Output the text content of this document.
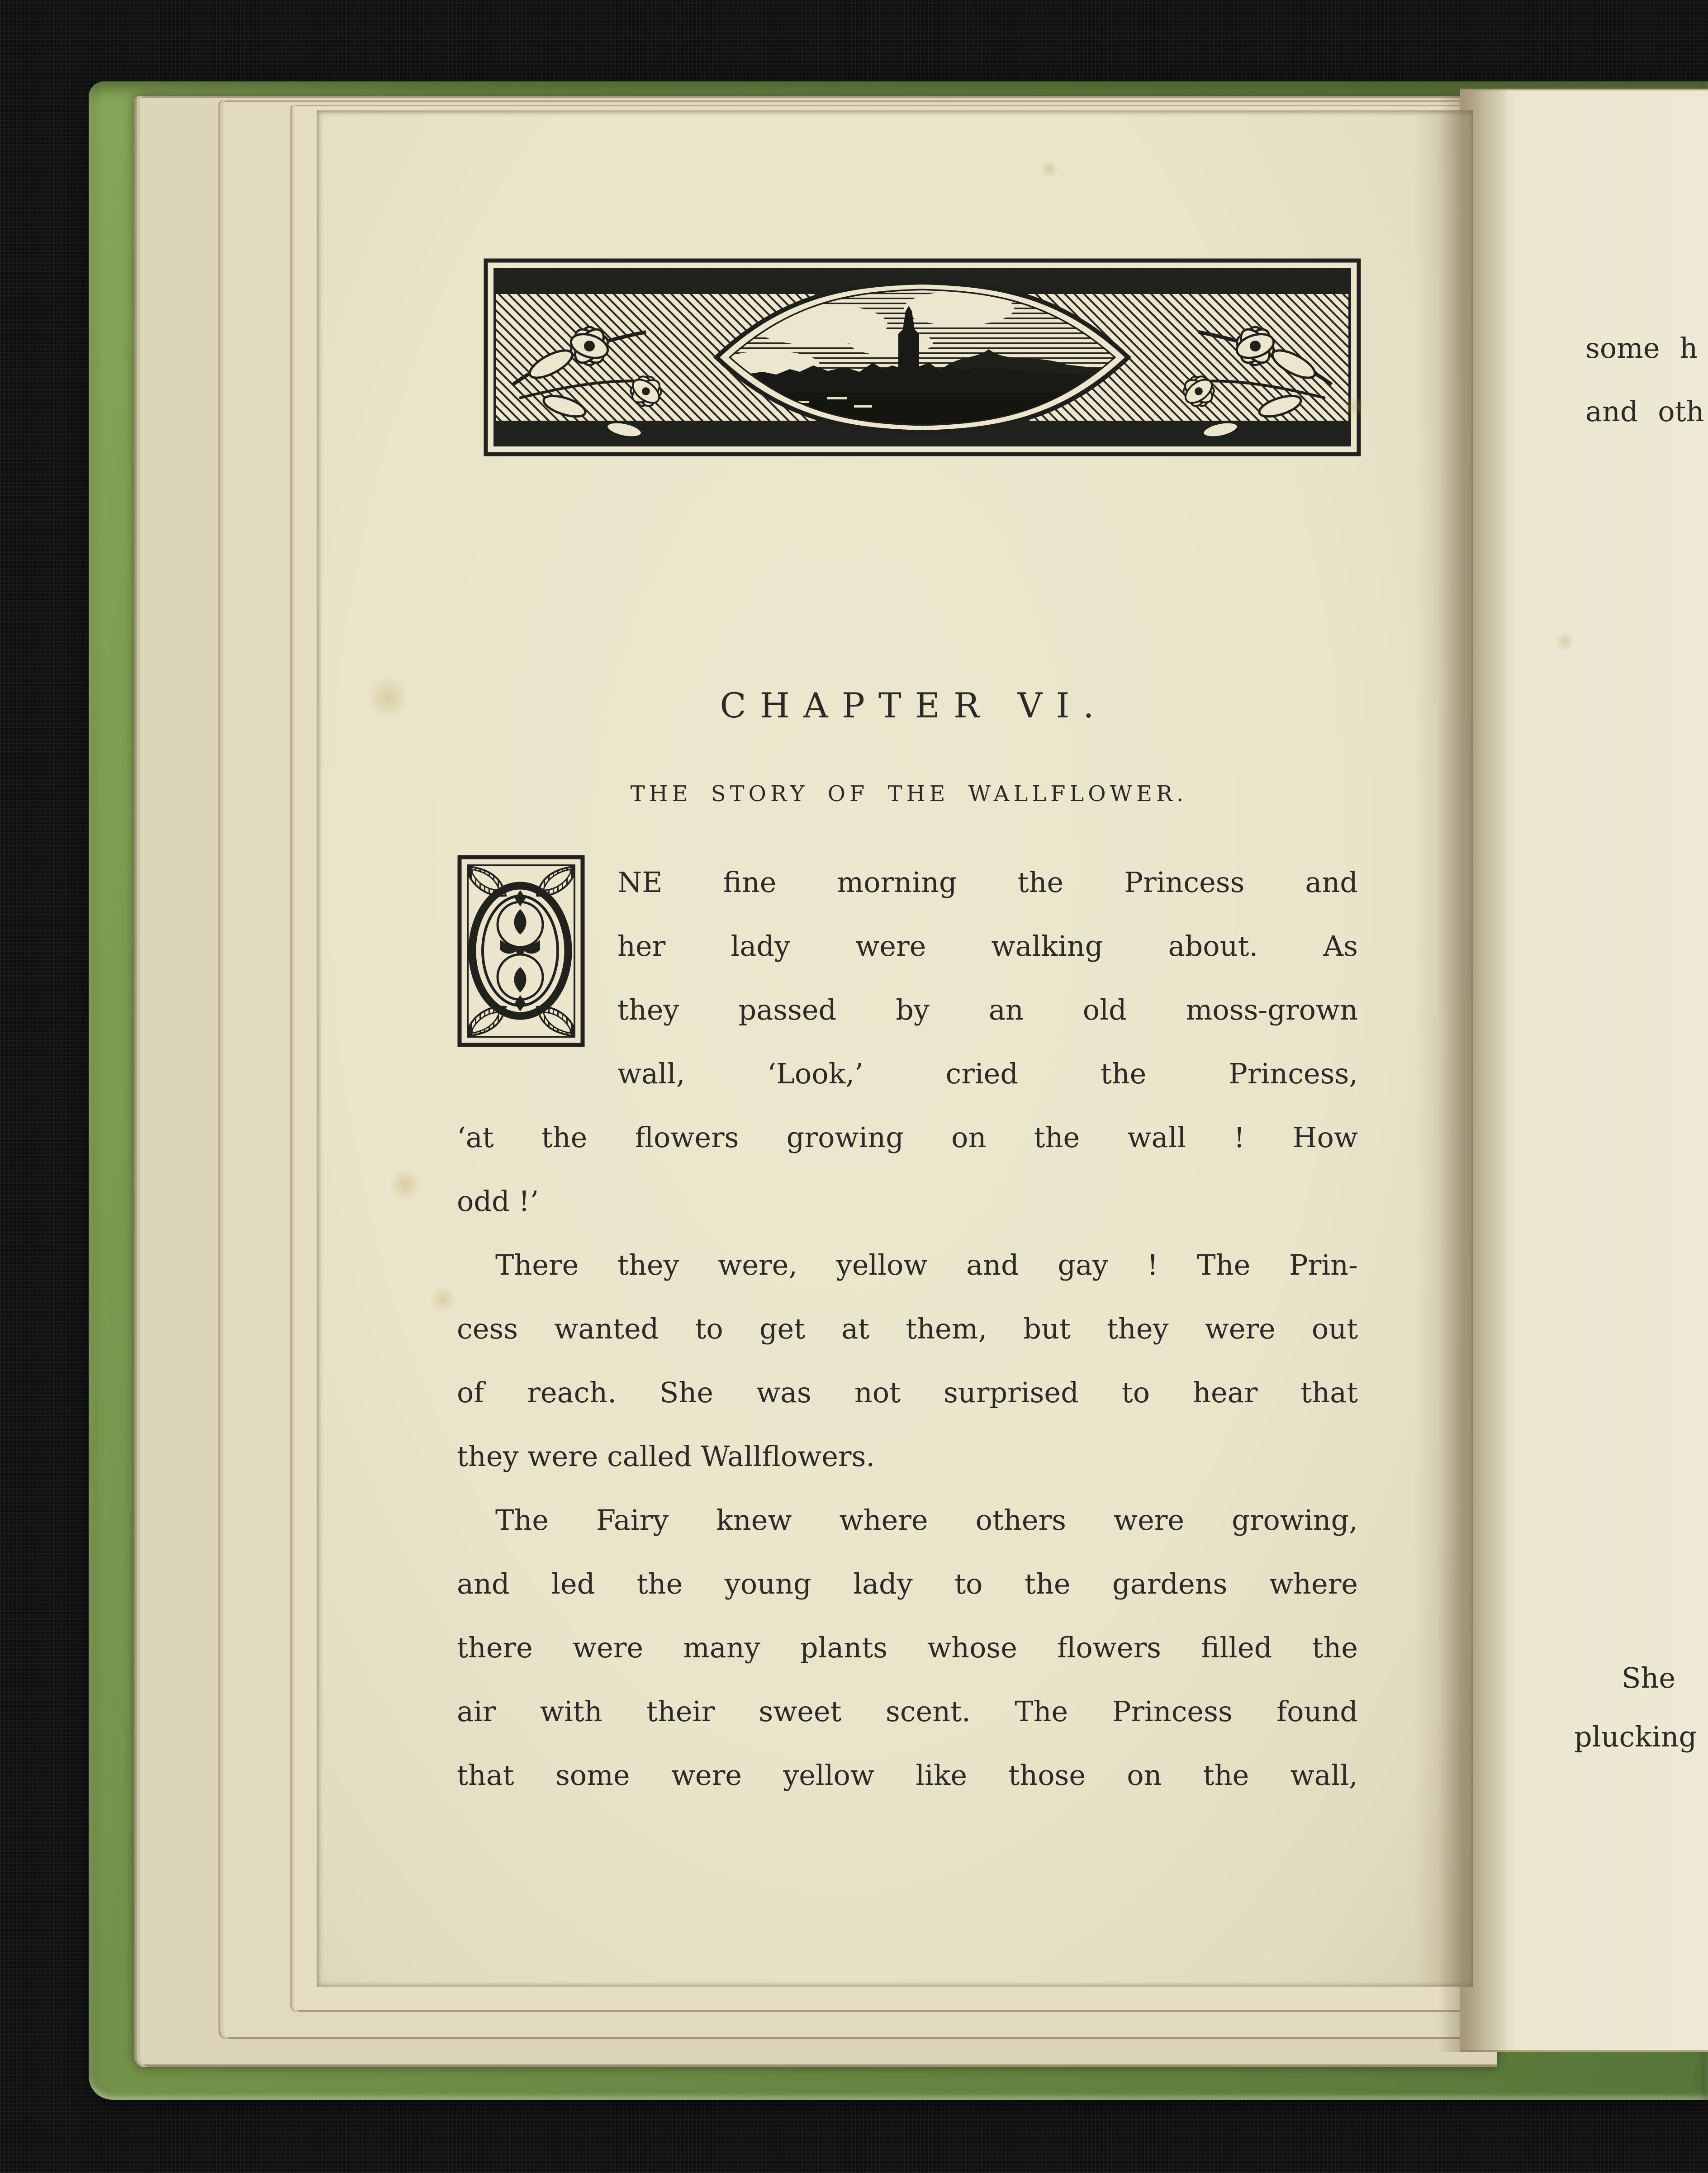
some h
and oth
She
plucking
CHAPTER VI.
THE STORY OF THE WALLFLOWER.
NE fine morning the Princess and
her lady were walking about. As
they passed by an old moss-grown
wall, ‘Look,’ cried the Princess,
‘at the flowers growing on the wall ! How
odd !’
There they were, yellow and gay ! The Prin-
cess wanted to get at them, but they were out
of reach. She was not surprised to hear that
they were called Wallflowers.
The Fairy knew where others were growing,
and led the young lady to the gardens where
there were many plants whose flowers filled the
air with their sweet scent. The Princess found
that some were yellow like those on the wall,
